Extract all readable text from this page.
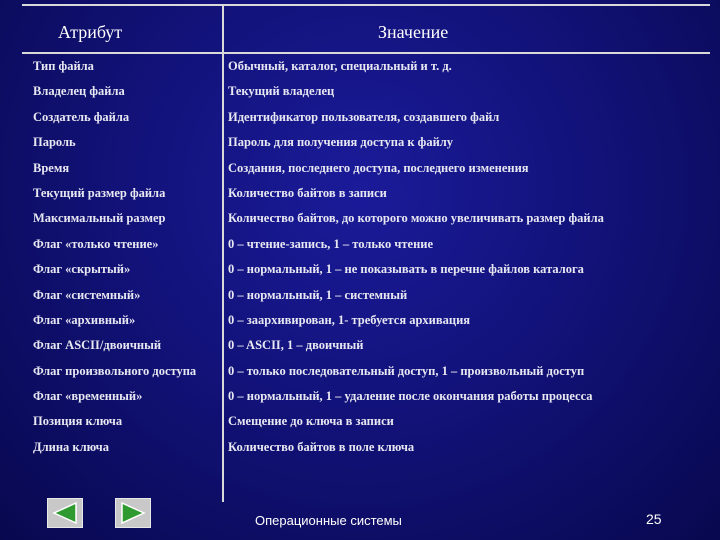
Атрибут	Значение
Тип файла	Обычный, каталог, специальный и т. д.
Владелец файла	Текущий владелец
Создатель файла	Идентификатор пользователя, создавшего файл
Пароль	Пароль для получения доступа к файлу
Время	Создания, последнего доступа, последнего изменения
Текущий размер файла	Количество байтов в записи
Максимальный размер	Количество байтов, до которого можно увеличивать размер файла
Флаг «только чтение»	0 – чтение-запись, 1 – только чтение
Флаг «скрытый»	0 – нормальный, 1 – не показывать в перечне файлов каталога
Флаг «системный»	0 – нормальный, 1 – системный
Флаг «архивный»	0 – заархивирован, 1- требуется архивация
Флаг ASCII/двоичный	0 – ASCII, 1 – двоичный
Флаг произвольного доступа	0 – только последовательный доступ, 1 – произвольный доступ
Флаг «временный»	0 – нормальный, 1 – удаление после окончания работы процесса
Позиция ключа	Смещение до ключа в записи
Длина ключа	Количество байтов в поле ключа
Операционные системы	25
